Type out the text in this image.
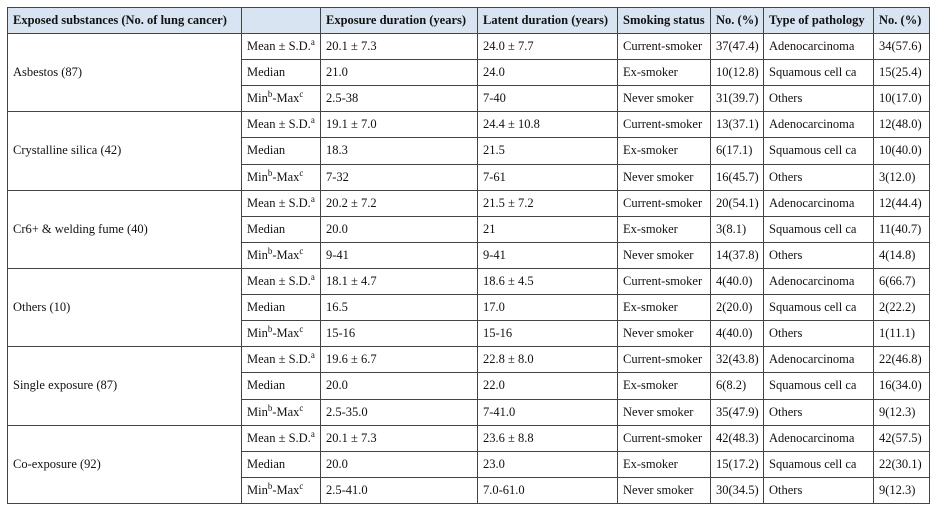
Exposed substances (No. of lung cancer)		Exposure duration (years)	Latent duration (years)	Smoking status	No. (%)	Type of pathology	No. (%)
Asbestos (87)	Mean ± S.D.$^a$	20.1 ± 7.3	24.0 ± 7.7	Current-smoker	37(47.4)	Adenocarcinoma	34(57.6)
	Median	21.0	24.0	Ex-smoker	10(12.8)	Squamous cell ca	15(25.4)
	Min$^b$-Max$^c$	2.5-38	7-40	Never smoker	31(39.7)	Others	10(17.0)
Crystalline silica (42)	Mean ± S.D.$^a$	19.1 ± 7.0	24.4 ± 10.8	Current-smoker	13(37.1)	Adenocarcinoma	12(48.0)
	Median	18.3	21.5	Ex-smoker	6(17.1)	Squamous cell ca	10(40.0)
	Min$^b$-Max$^c$	7-32	7-61	Never smoker	16(45.7)	Others	3(12.0)
Cr6+ & welding fume (40)	Mean ± S.D.$^a$	20.2 ± 7.2	21.5 ± 7.2	Current-smoker	20(54.1)	Adenocarcinoma	12(44.4)
	Median	20.0	21	Ex-smoker	3(8.1)	Squamous cell ca	11(40.7)
	Min$^b$-Max$^c$	9-41	9-41	Never smoker	14(37.8)	Others	4(14.8)
Others (10)	Mean ± S.D.$^a$	18.1 ± 4.7	18.6 ± 4.5	Current-smoker	4(40.0)	Adenocarcinoma	6(66.7)
	Median	16.5	17.0	Ex-smoker	2(20.0)	Squamous cell ca	2(22.2)
	Min$^b$-Max$^c$	15-16	15-16	Never smoker	4(40.0)	Others	1(11.1)
Single exposure (87)	Mean ± S.D.$^a$	19.6 ± 6.7	22.8 ± 8.0	Current-smoker	32(43.8)	Adenocarcinoma	22(46.8)
	Median	20.0	22.0	Ex-smoker	6(8.2)	Squamous cell ca	16(34.0)
	Min$^b$-Max$^c$	2.5-35.0	7-41.0	Never smoker	35(47.9)	Others	9(12.3)
Co-exposure (92)	Mean ± S.D.$^a$	20.1 ± 7.3	23.6 ± 8.8	Current-smoker	42(48.3)	Adenocarcinoma	42(57.5)
	Median	20.0	23.0	Ex-smoker	15(17.2)	Squamous cell ca	22(30.1)
	Min$^b$-Max$^c$	2.5-41.0	7.0-61.0	Never smoker	30(34.5)	Others	9(12.3)
